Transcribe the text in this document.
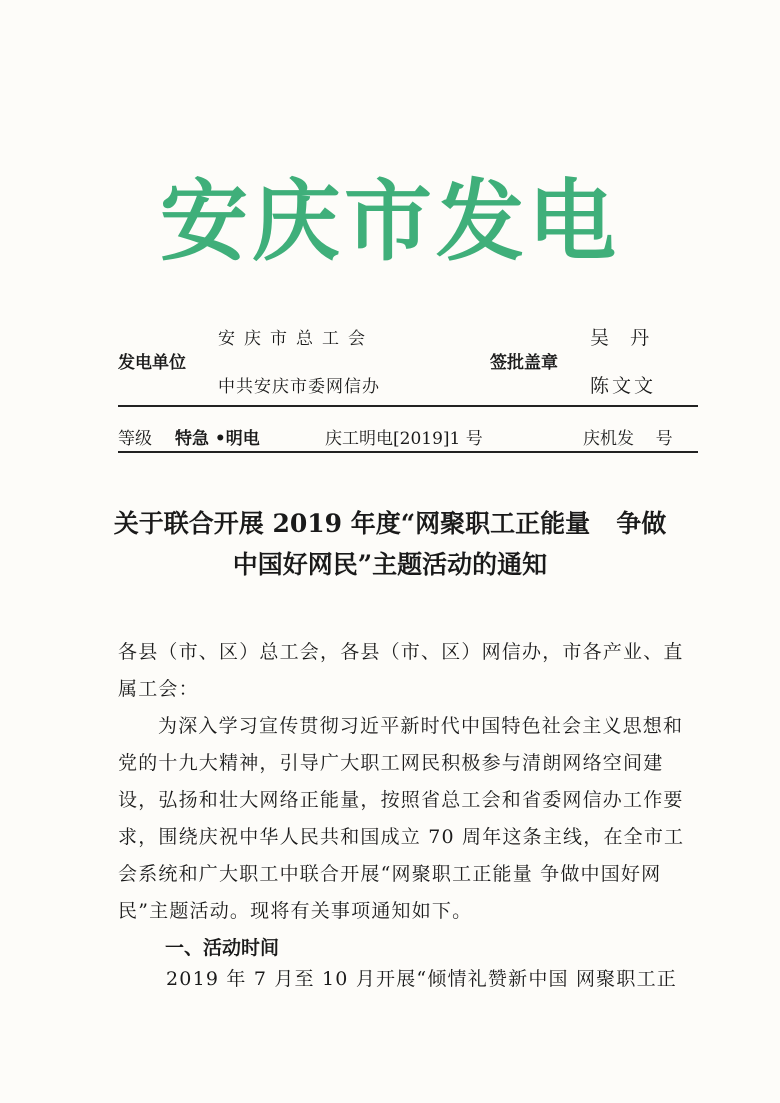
安庆市发电
安庆市总工会
发电单位
中共安庆市委网信办
签批盖章
吴  丹
陈文文
等级 特急 •明电	庆工明电[2019]1 号	庆机发    号
关于联合开展 2019 年度“网聚职工正能量   争做
中国好网民”主题活动的通知
各县（市、区）总工会，各县（市、区）网信办，市各产业、直属工会：
为深入学习宣传贯彻习近平新时代中国特色社会主义思想和党的十九大精神，引导广大职工网民积极参与清朗网络空间建设，弘扬和壮大网络正能量，按照省总工会和省委网信办工作要求，围绕庆祝中华人民共和国成立 70 周年这条主线，在全市工会系统和广大职工中联合开展“网聚职工正能量 争做中国好网民”主题活动。现将有关事项通知如下。
一、活动时间
2019 年 7 月至 10 月开展“倾情礼赞新中国 网聚职工正
